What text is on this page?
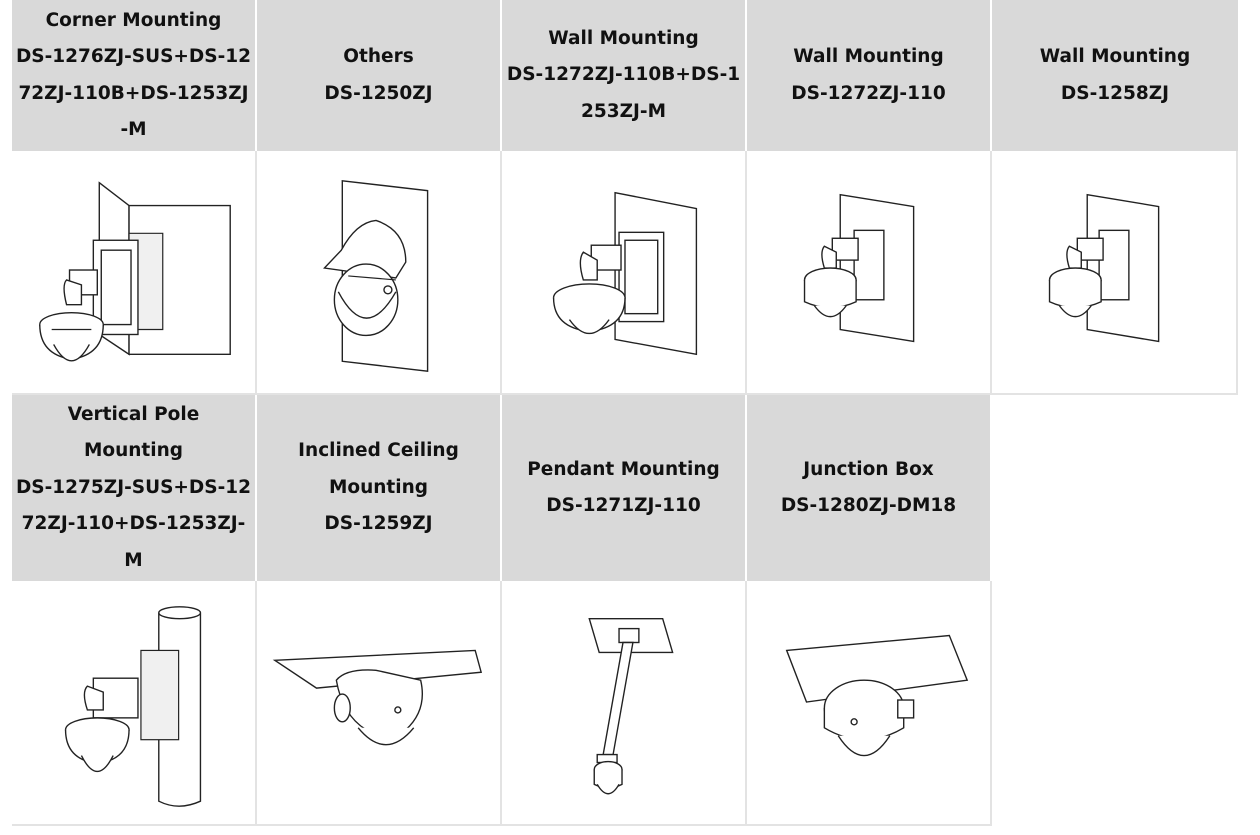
Corner Mounting
DS-1276ZJ-SUS+DS-12
72ZJ-110B+DS-1253ZJ
-M
Others
DS-1250ZJ
Wall Mounting
DS-1272ZJ-110B+DS-1
253ZJ-M
Wall Mounting
DS-1272ZJ-110
Wall Mounting
DS-1258ZJ
Vertical Pole
Mounting
DS-1275ZJ-SUS+DS-12
72ZJ-110+DS-1253ZJ-
M
Inclined Ceiling
Mounting
DS-1259ZJ
Pendant Mounting
DS-1271ZJ-110
Junction Box
DS-1280ZJ-DM18
